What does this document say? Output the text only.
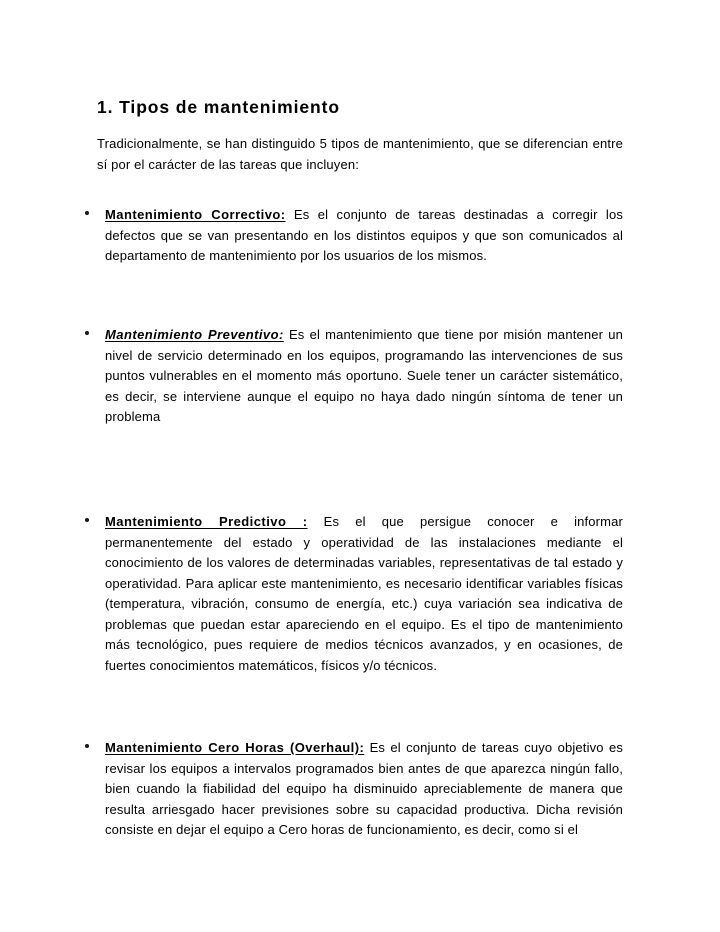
1. Tipos de mantenimiento

Tradicionalmente, se han distinguido 5 tipos de mantenimiento, que se diferencian entre sí por el carácter de las tareas que incluyen:

Mantenimiento Correctivo: Es el conjunto de tareas destinadas a corregir los defectos que se van presentando en los distintos equipos y que son comunicados al departamento de mantenimiento por los usuarios de los mismos.
Mantenimiento Preventivo: Es el mantenimiento que tiene por misión mantener un nivel de servicio determinado en los equipos, programando las intervenciones de sus puntos vulnerables en el momento más oportuno. Suele tener un carácter sistemático, es decir, se interviene aunque el equipo no haya dado ningún síntoma de tener un problema
Mantenimiento Predictivo : Es el que persigue conocer e informar permanentemente del estado y operatividad de las instalaciones mediante el conocimiento de los valores de determinadas variables, representativas de tal estado y operatividad. Para aplicar este mantenimiento, es necesario identificar variables físicas (temperatura, vibración, consumo de energía, etc.) cuya variación sea indicativa de problemas que puedan estar apareciendo en el equipo. Es el tipo de mantenimiento más tecnológico, pues requiere de medios técnicos avanzados, y en ocasiones, de fuertes conocimientos matemáticos, físicos y/o técnicos.
Mantenimiento Cero Horas (Overhaul): Es el conjunto de tareas cuyo objetivo es revisar los equipos a intervalos programados bien antes de que aparezca ningún fallo, bien cuando la fiabilidad del equipo ha disminuido apreciablemente de manera que resulta arriesgado hacer previsiones sobre su capacidad productiva. Dicha revisión consiste en dejar el equipo a Cero horas de funcionamiento, es decir, como si el
